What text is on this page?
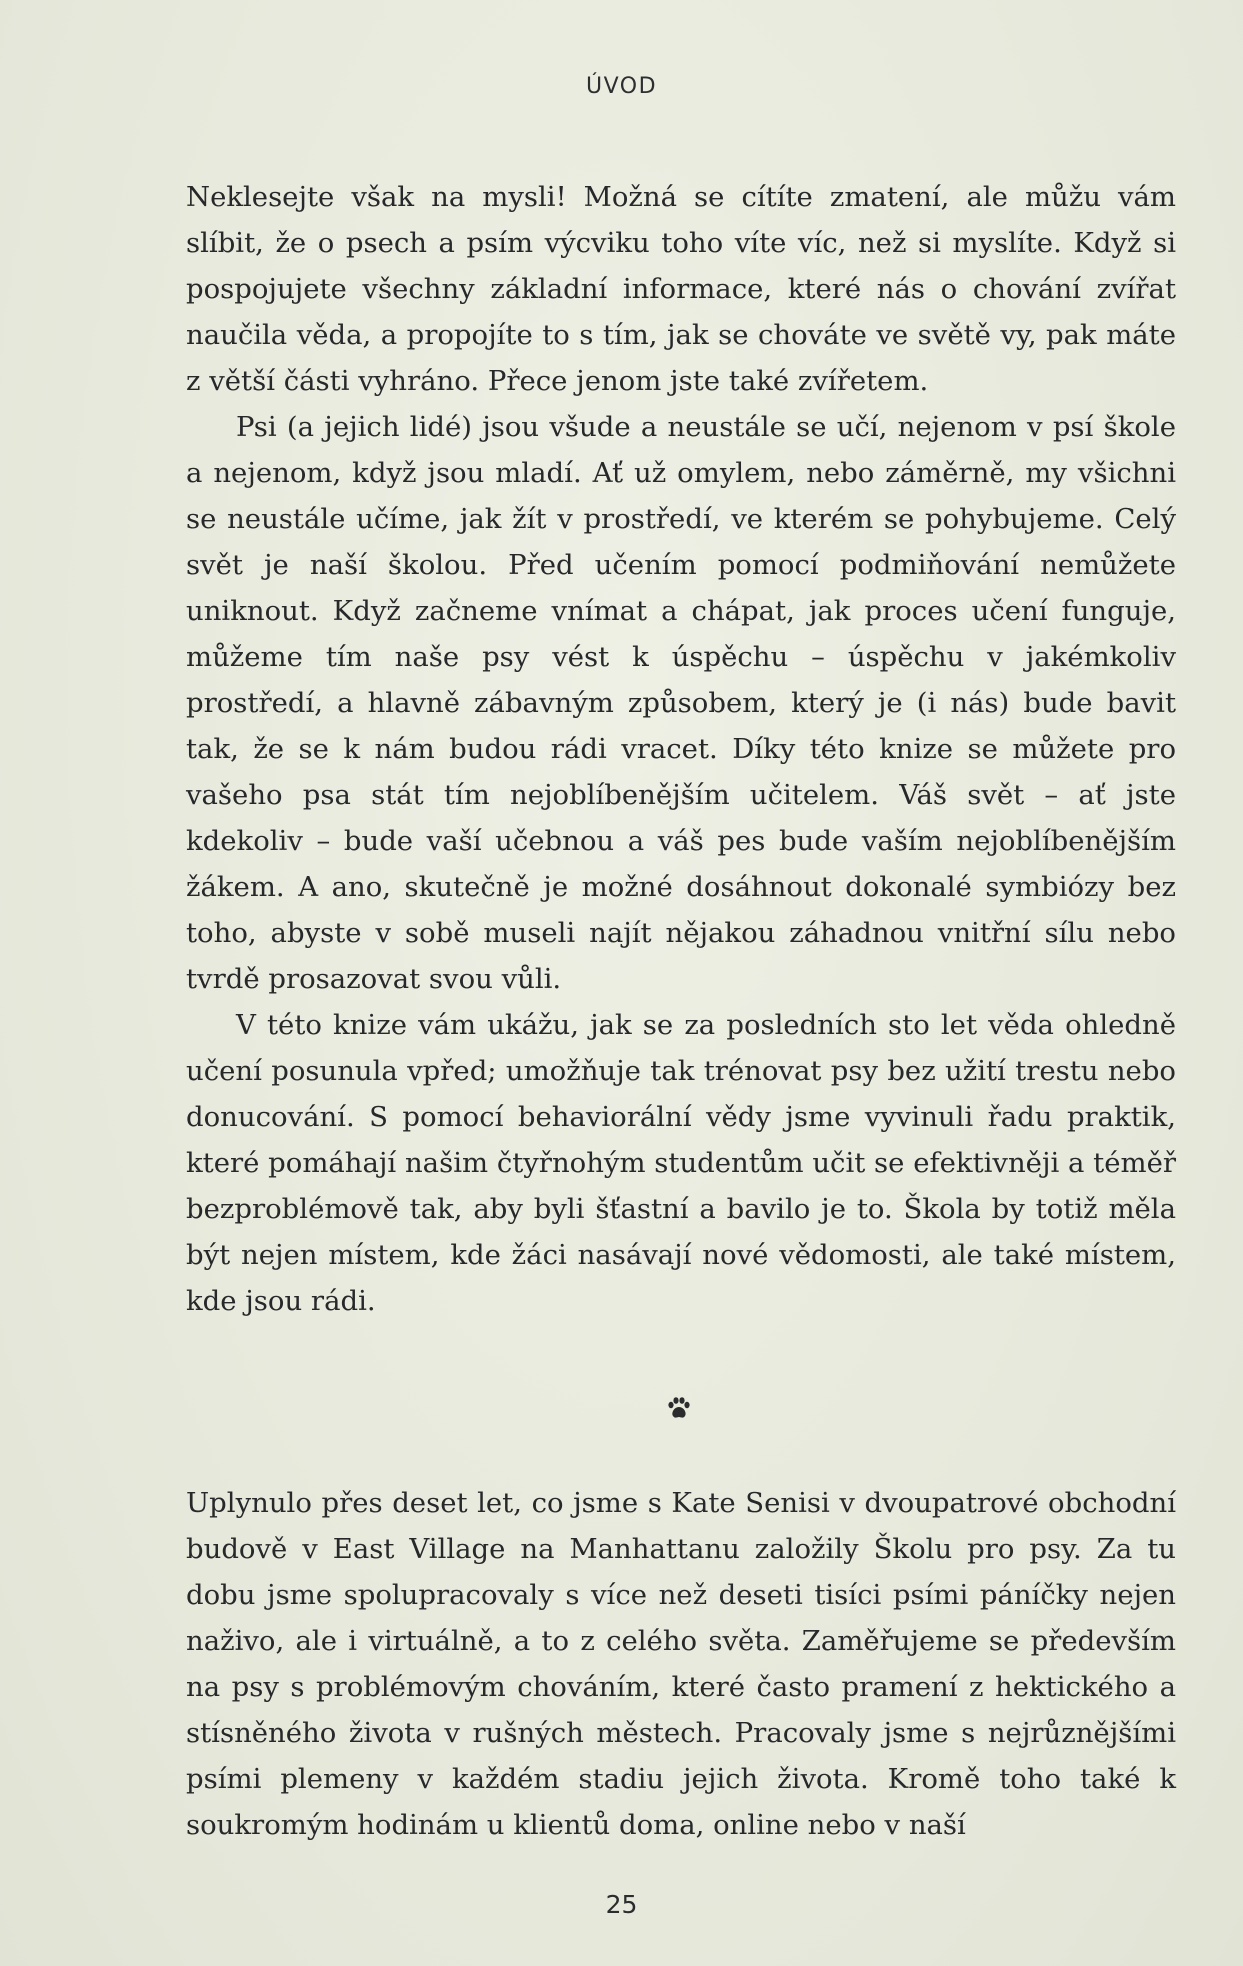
ÚVOD

Neklesejte však na mysli! Možná se cítíte zmatení, ale můžu vám slíbit, že o psech a psím výcviku toho víte víc, než si myslíte. Když si pospojujete všechny základní informace, které nás o chování zvířat naučila věda, a propojíte to s tím, jak se chováte ve světě vy, pak máte z větší části vyhráno. Přece jenom jste také zvířetem.

Psi (a jejich lidé) jsou všude a neustále se učí, nejenom v psí škole a nejenom, když jsou mladí. Ať už omylem, nebo záměrně, my všichni se neustále učíme, jak žít v prostředí, ve kterém se pohybujeme. Celý svět je naší školou. Před učením pomocí podmiňování nemůžete uniknout. Když začneme vnímat a chápat, jak proces učení funguje, můžeme tím naše psy vést k úspěchu – úspěchu v jakémkoliv prostředí, a hlavně zábavným způsobem, který je (i nás) bude bavit tak, že se k nám budou rádi vracet. Díky této knize se můžete pro vašeho psa stát tím nejoblíbenějším učitelem. Váš svět – ať jste kdekoliv – bude vaší učebnou a váš pes bude vaším nejoblíbenějším žákem. A ano, skutečně je možné dosáhnout dokonalé symbiózy bez toho, abyste v sobě museli najít nějakou záhadnou vnitřní sílu nebo tvrdě prosazovat svou vůli.

V této knize vám ukážu, jak se za posledních sto let věda ohledně učení posunula vpřed; umožňuje tak trénovat psy bez užití trestu nebo donucování. S pomocí behaviorální vědy jsme vyvinuli řadu praktik, které pomáhají našim čtyřnohým studentům učit se efektivněji a téměř bezproblémově tak, aby byli šťastní a bavilo je to. Škola by totiž měla být nejen místem, kde žáci nasávají nové vědomosti, ale také místem, kde jsou rádi.

Uplynulo přes deset let, co jsme s Kate Senisi v dvoupatrové obchodní budově v East Village na Manhattanu založily Školu pro psy. Za tu dobu jsme spolupracovaly s více než deseti tisíci psími páníčky nejen naživo, ale i virtuálně, a to z celého světa. Zaměřujeme se především na psy s problémovým chováním, které často pramení z hektického a stísněného života v rušných městech. Pracovaly jsme s nejrůznějšími psími plemeny v každém stadiu jejich života. Kromě toho také k soukromým hodinám u klientů doma, online nebo v naší

25
